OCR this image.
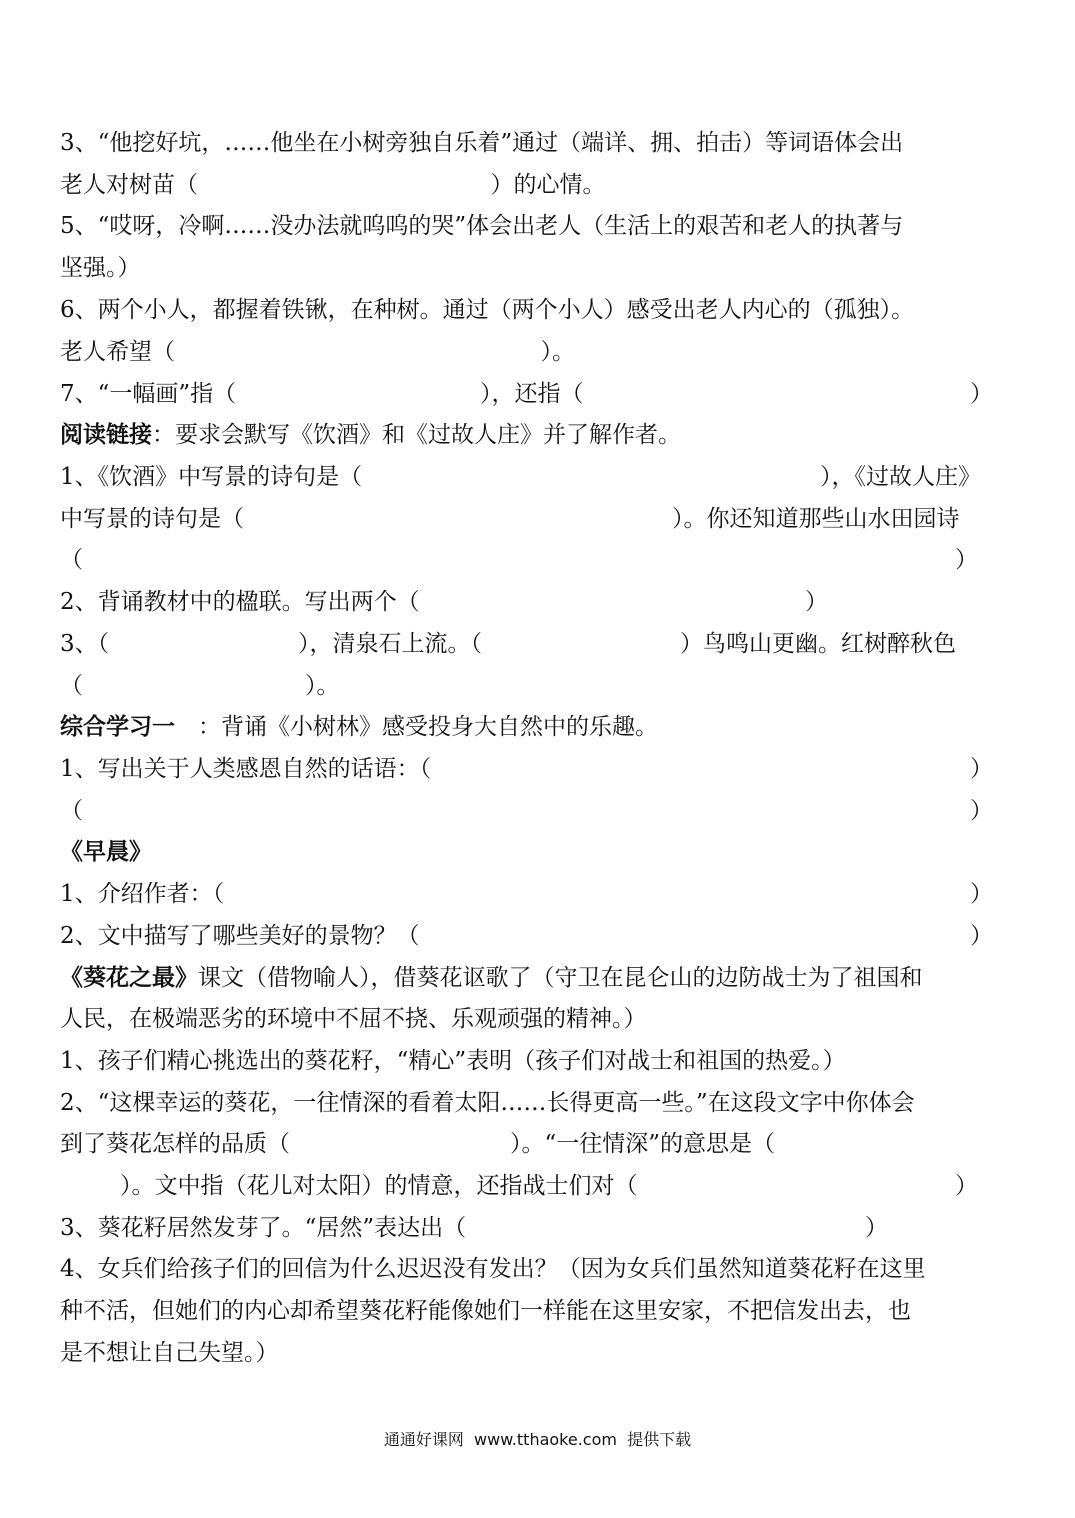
3、“他挖好坑，……他坐在小树旁独自乐着”通过（端详、拥、拍击）等词语体会出
老人对树苗（                                        ）的心情。
5、“哎呀，冷啊……没办法就呜呜的哭”体会出老人（生活上的艰苦和老人的执著与
坚强。）
6、两个小人，都握着铁锹，在种树。通过（两个小人）感受出老人内心的（孤独）。
老人希望（                                                  ）。
7、“一幅画”指（	），还指（	）
阅读链接 ：要求会默写《饮酒》和《过故人庄》并了解作者。
1、《饮酒》中写景的诗句是（	），《过故人庄》
中写景的诗句是（	）。你还知道那些山水田园诗
（	）
2、背诵教材中的楹联。写出两个（	）
3、（	），清泉石上流。（	）鸟鸣山更幽。红树醉秋色
（	）。
综合学习一 ：背诵《小树林》感受投身大自然中的乐趣。
1、写出关于人类感恩自然的话语：（	）
（	）
《早晨》
1、介绍作者：（	）
2、文中描写了哪些美好的景物？（	）
《葵花之最》 课文（借物喻人），借葵花讴歌了（守卫在昆仑山的边防战士为了祖国和
人民，在极端恶劣的环境中不屈不挠、乐观顽强的精神。）
1、孩子们精心挑选出的葵花籽，“精心”表明（孩子们对战士和祖国的热爱。）
2、“这棵幸运的葵花，一往情深的看着太阳……长得更高一些。”在这段文字中你体会
到了葵花怎样的品质（	）。“一往情深”的意思是（
）。文中指（花儿对太阳）的情意，还指战士们对（	）
3、葵花籽居然发芽了。“居然”表达出（	）
4、女兵们给孩子们的回信为什么迟迟没有发出？（因为女兵们虽然知道葵花籽在这里
种不活，但她们的内心却希望葵花籽能像她们一样能在这里安家，不把信发出去，也
是不想让自己失望。）
通通好课网  www.tthaoke.com  提供下载
